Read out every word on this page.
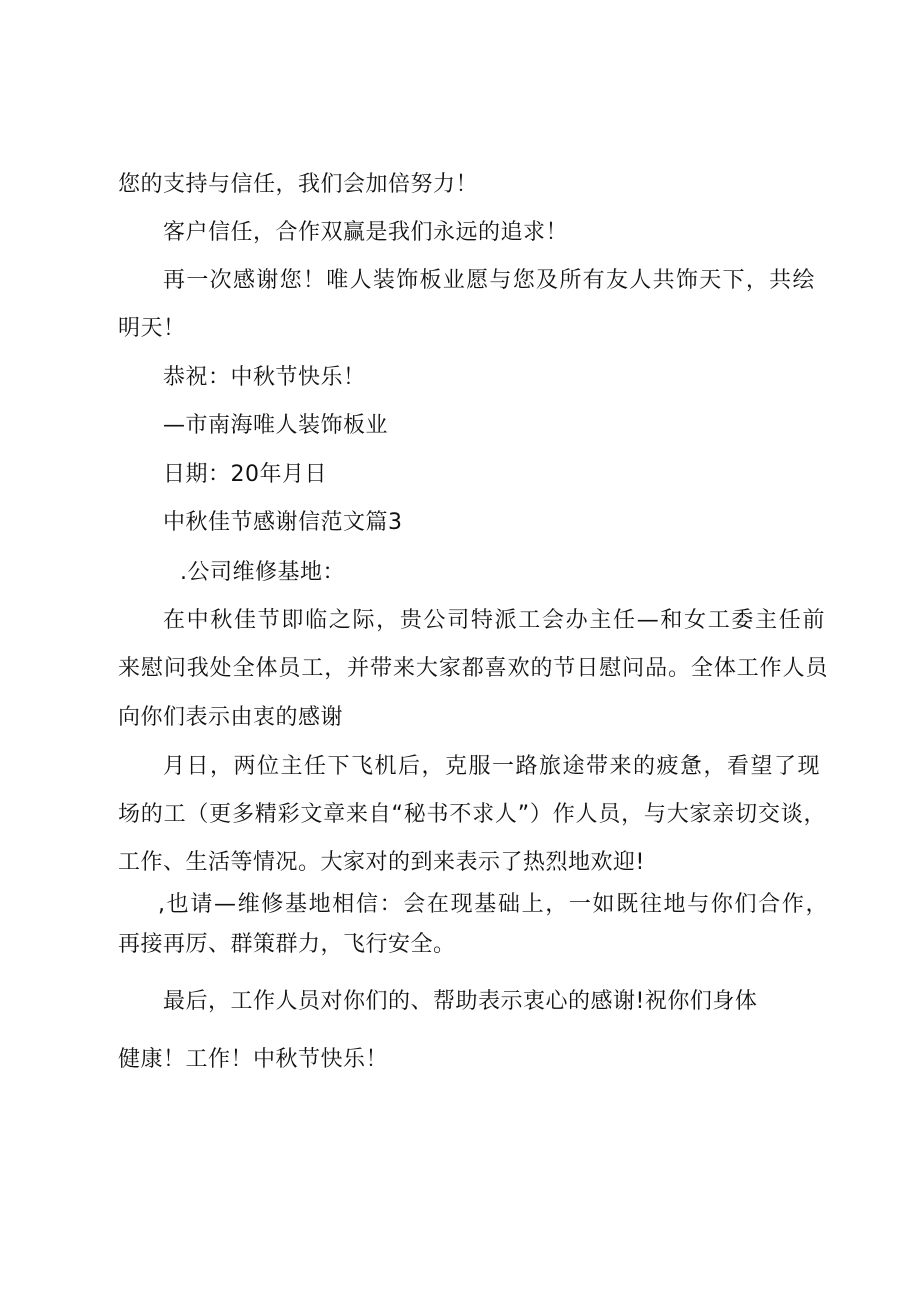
您的支持与信任，我们会加倍努力！
客户信任，合作双赢是我们永远的追求！
再一次感谢您！唯人装饰板业愿与您及所有友人共饰天下，共绘
明天！
恭祝：中秋节快乐！
—市南海唯人装饰板业
日期：20年月日
中秋佳节感谢信范文篇3
.公司维修基地：
在中秋佳节即临之际，贵公司特派工会办主任—和女工委主任前
来慰问我处全体员工，并带来大家都喜欢的节日慰问品。全体工作人员
向你们表示由衷的感谢
月日，两位主任下飞机后，克服一路旅途带来的疲惫，看望了现
场的工（更多精彩文章来自“秘书不求人”）作人员，与大家亲切交谈，
工作、生活等情况。大家对的到来表示了热烈地欢迎!
,也请—维修基地相信：会在现基础上，一如既往地与你们合作，
再接再厉、群策群力，飞行安全。
最后，工作人员对你们的、帮助表示衷心的感谢!祝你们身体
健康！工作！中秋节快乐！
